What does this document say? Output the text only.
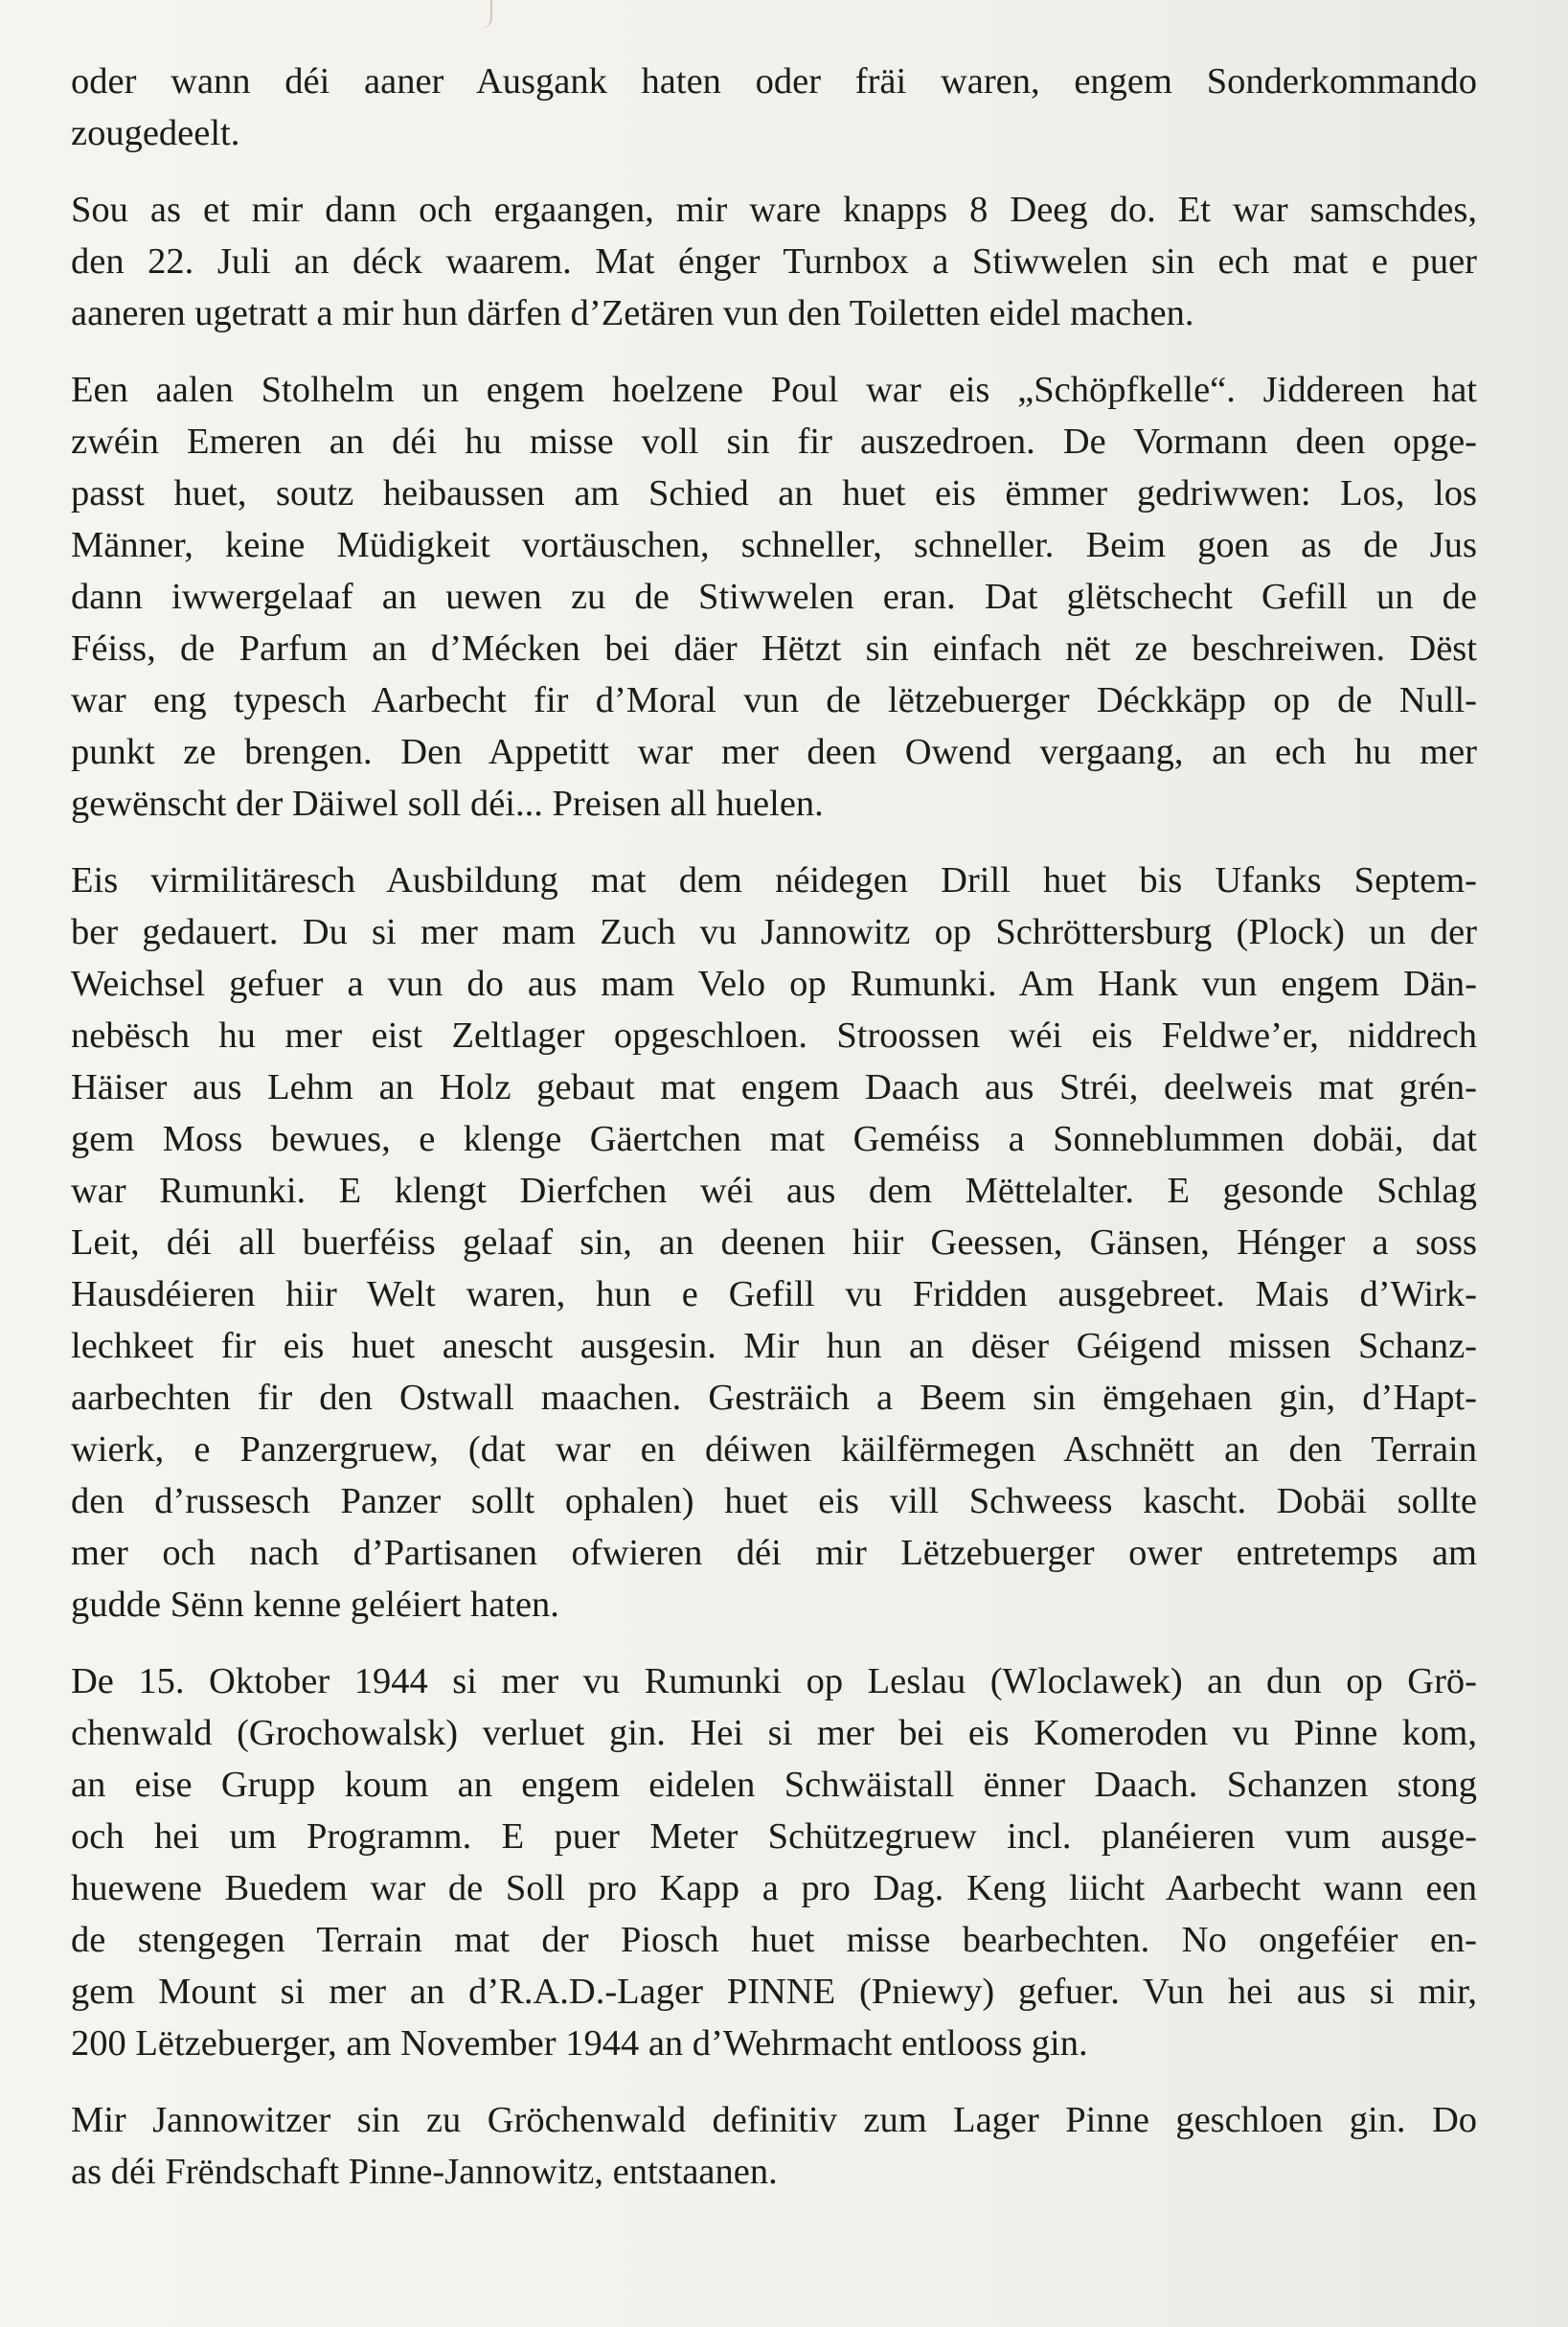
oder wann déi aaner Ausgank haten oder fräi waren, engem Sonderkommando
zougedeelt.

Sou as et mir dann och ergaangen, mir ware knapps 8 Deeg do. Et war samschdes,
den 22. Juli an déck waarem. Mat énger Turnbox a Stiwwelen sin ech mat e puer
aaneren ugetratt a mir hun därfen d’Zetären vun den Toiletten eidel machen.

Een aalen Stolhelm un engem hoelzene Poul war eis „Schöpfkelle“. Jiddereen hat
zwéin Emeren an déi hu misse voll sin fir auszedroen. De Vormann deen opge-
passt huet, soutz heibaussen am Schied an huet eis ëmmer gedriwwen: Los, los
Männer, keine Müdigkeit vortäuschen, schneller, schneller. Beim goen as de Jus
dann iwwergelaaf an uewen zu de Stiwwelen eran. Dat glëtschecht Gefill un de
Féiss, de Parfum an d’Mécken bei däer Hëtzt sin einfach nët ze beschreiwen. Dëst
war eng typesch Aarbecht fir d’Moral vun de lëtzebuerger Déckkäpp op de Null-
punkt ze brengen. Den Appetitt war mer deen Owend vergaang, an ech hu mer
gewënscht der Däiwel soll déi... Preisen all huelen.

Eis virmilitäresch Ausbildung mat dem néidegen Drill huet bis Ufanks Septem-
ber gedauert. Du si mer mam Zuch vu Jannowitz op Schröttersburg (Plock) un der
Weichsel gefuer a vun do aus mam Velo op Rumunki. Am Hank vun engem Dän-
nebësch hu mer eist Zeltlager opgeschloen. Stroossen wéi eis Feldwe’er, niddrech
Häiser aus Lehm an Holz gebaut mat engem Daach aus Stréi, deelweis mat grén-
gem Moss bewues, e klenge Gäertchen mat Geméiss a Sonneblummen dobäi, dat
war Rumunki. E klengt Dierfchen wéi aus dem Mëttelalter. E gesonde Schlag
Leit, déi all buerféiss gelaaf sin, an deenen hiir Geessen, Gänsen, Hénger a soss
Hausdéieren hiir Welt waren, hun e Gefill vu Fridden ausgebreet. Mais d’Wirk-
lechkeet fir eis huet anescht ausgesin. Mir hun an dëser Géigend missen Schanz-
aarbechten fir den Ostwall maachen. Gesträich a Beem sin ëmgehaen gin, d’Hapt-
wierk, e Panzergruew, (dat war en déiwen käilfërmegen Aschnëtt an den Terrain
den d’russesch Panzer sollt ophalen) huet eis vill Schweess kascht. Dobäi sollte
mer och nach d’Partisanen ofwieren déi mir Lëtzebuerger ower entretemps am
gudde Sënn kenne geléiert haten.

De 15. Oktober 1944 si mer vu Rumunki op Leslau (Wloclawek) an dun op Grö-
chenwald (Grochowalsk) verluet gin. Hei si mer bei eis Komeroden vu Pinne kom,
an eise Grupp koum an engem eidelen Schwäistall ënner Daach. Schanzen stong
och hei um Programm. E puer Meter Schützegruew incl. planéieren vum ausge-
huewene Buedem war de Soll pro Kapp a pro Dag. Keng liicht Aarbecht wann een
de stengegen Terrain mat der Piosch huet misse bearbechten. No ongeféier en-
gem Mount si mer an d’R.A.D.-Lager PINNE (Pniewy) gefuer. Vun hei aus si mir,
200 Lëtzebuerger, am November 1944 an d’Wehrmacht entlooss gin.

Mir Jannowitzer sin zu Gröchenwald definitiv zum Lager Pinne geschloen gin. Do
as déi Frëndschaft Pinne-Jannowitz, entstaanen.
